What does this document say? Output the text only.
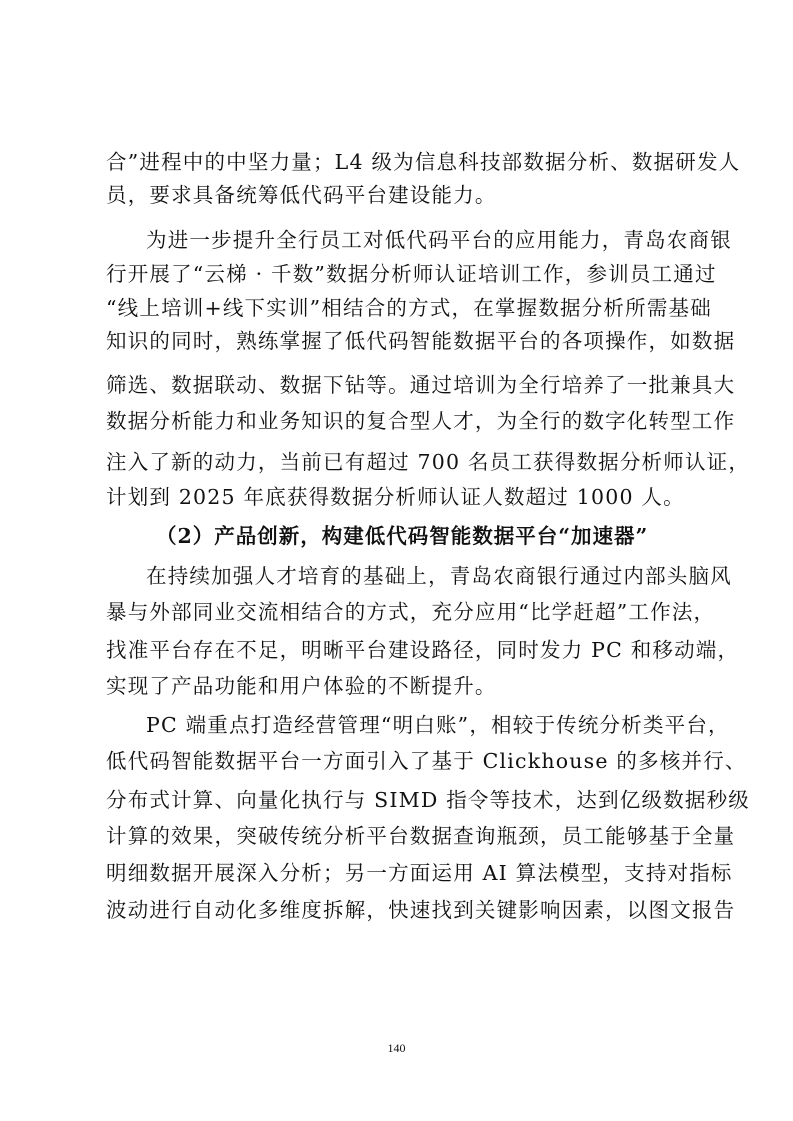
合”进程中的中坚力量；L4 级为信息科技部数据分析、数据研发人
员，要求具备统筹低代码平台建设能力。
为进一步提升全行员工对低代码平台的应用能力，青岛农商银
行开展了“云梯 · 千数”数据分析师认证培训工作，参训员工通过
“线上培训+线下实训”相结合的方式，在掌握数据分析所需基础
知识的同时，熟练掌握了低代码智能数据平台的各项操作，如数据
筛选、数据联动、数据下钻等。通过培训为全行培养了一批兼具大
数据分析能力和业务知识的复合型人才，为全行的数字化转型工作
注入了新的动力，当前已有超过 700 名员工获得数据分析师认证，
计划到 2025 年底获得数据分析师认证人数超过 1000 人。
（2）产品创新，构建低代码智能数据平台“加速器”
在持续加强人才培育的基础上，青岛农商银行通过内部头脑风
暴与外部同业交流相结合的方式，充分应用“比学赶超”工作法，
找准平台存在不足，明晰平台建设路径，同时发力 PC 和移动端，
实现了产品功能和用户体验的不断提升。
PC 端重点打造经营管理“明白账”，相较于传统分析类平台，
低代码智能数据平台一方面引入了基于 Clickhouse 的多核并行、
分布式计算、向量化执行与 SIMD 指令等技术，达到亿级数据秒级
计算的效果，突破传统分析平台数据查询瓶颈，员工能够基于全量
明细数据开展深入分析；另一方面运用 AI 算法模型，支持对指标
波动进行自动化多维度拆解，快速找到关键影响因素，以图文报告
140
